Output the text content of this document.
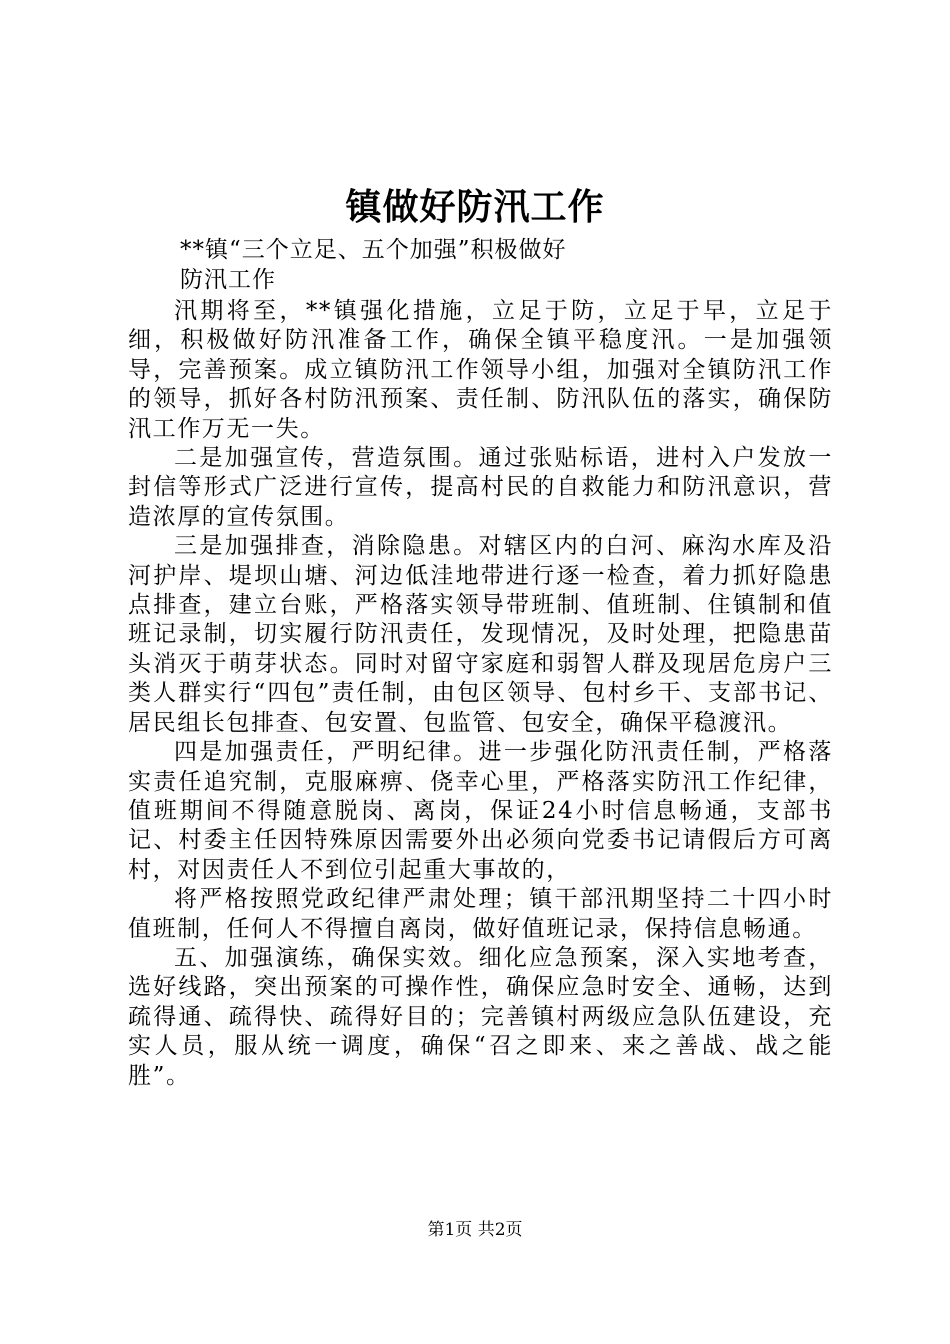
镇做好防汛工作
**镇“三个立足、五个加强”积极做好
防汛工作

汛期将至，**镇强化措施，立足于防，立足于早，立足于细，积极做好防汛准备工作，确保全镇平稳度汛。一是加强领导，完善预案。成立镇防汛工作领导小组，加强对全镇防汛工作的领导，抓好各村防汛预案、责任制、防汛队伍的落实，确保防汛工作万无一失。

二是加强宣传，营造氛围。通过张贴标语，进村入户发放一封信等形式广泛进行宣传，提高村民的自救能力和防汛意识，营造浓厚的宣传氛围。

三是加强排查，消除隐患。对辖区内的白河、麻沟水库及沿河护岸、堤坝山塘、河边低洼地带进行逐一检查，着力抓好隐患点排查，建立台账，严格落实领导带班制、值班制、住镇制和值班记录制，切实履行防汛责任，发现情况，及时处理，把隐患苗头消灭于萌芽状态。同时对留守家庭和弱智人群及现居危房户三类人群实行“四包”责任制，由包区领导、包村乡干、支部书记、居民组长包排查、包安置、包监管、包安全，确保平稳渡汛。

四是加强责任，严明纪律。进一步强化防汛责任制，严格落实责任追究制，克服麻痹、侥幸心里，严格落实防汛工作纪律，值班期间不得随意脱岗、离岗，保证24小时信息畅通，支部书记、村委主任因特殊原因需要外出必须向党委书记请假后方可离村，对因责任人不到位引起重大事故的，

将严格按照党政纪律严肃处理；镇干部汛期坚持二十四小时值班制，任何人不得擅自离岗，做好值班记录，保持信息畅通。

五、加强演练，确保实效。细化应急预案，深入实地考查，选好线路，突出预案的可操作性，确保应急时安全、通畅，达到疏得通、疏得快、疏得好目的；完善镇村两级应急队伍建设，充实人员，服从统一调度，确保“召之即来、来之善战、战之能胜”。

第1页 共2页
